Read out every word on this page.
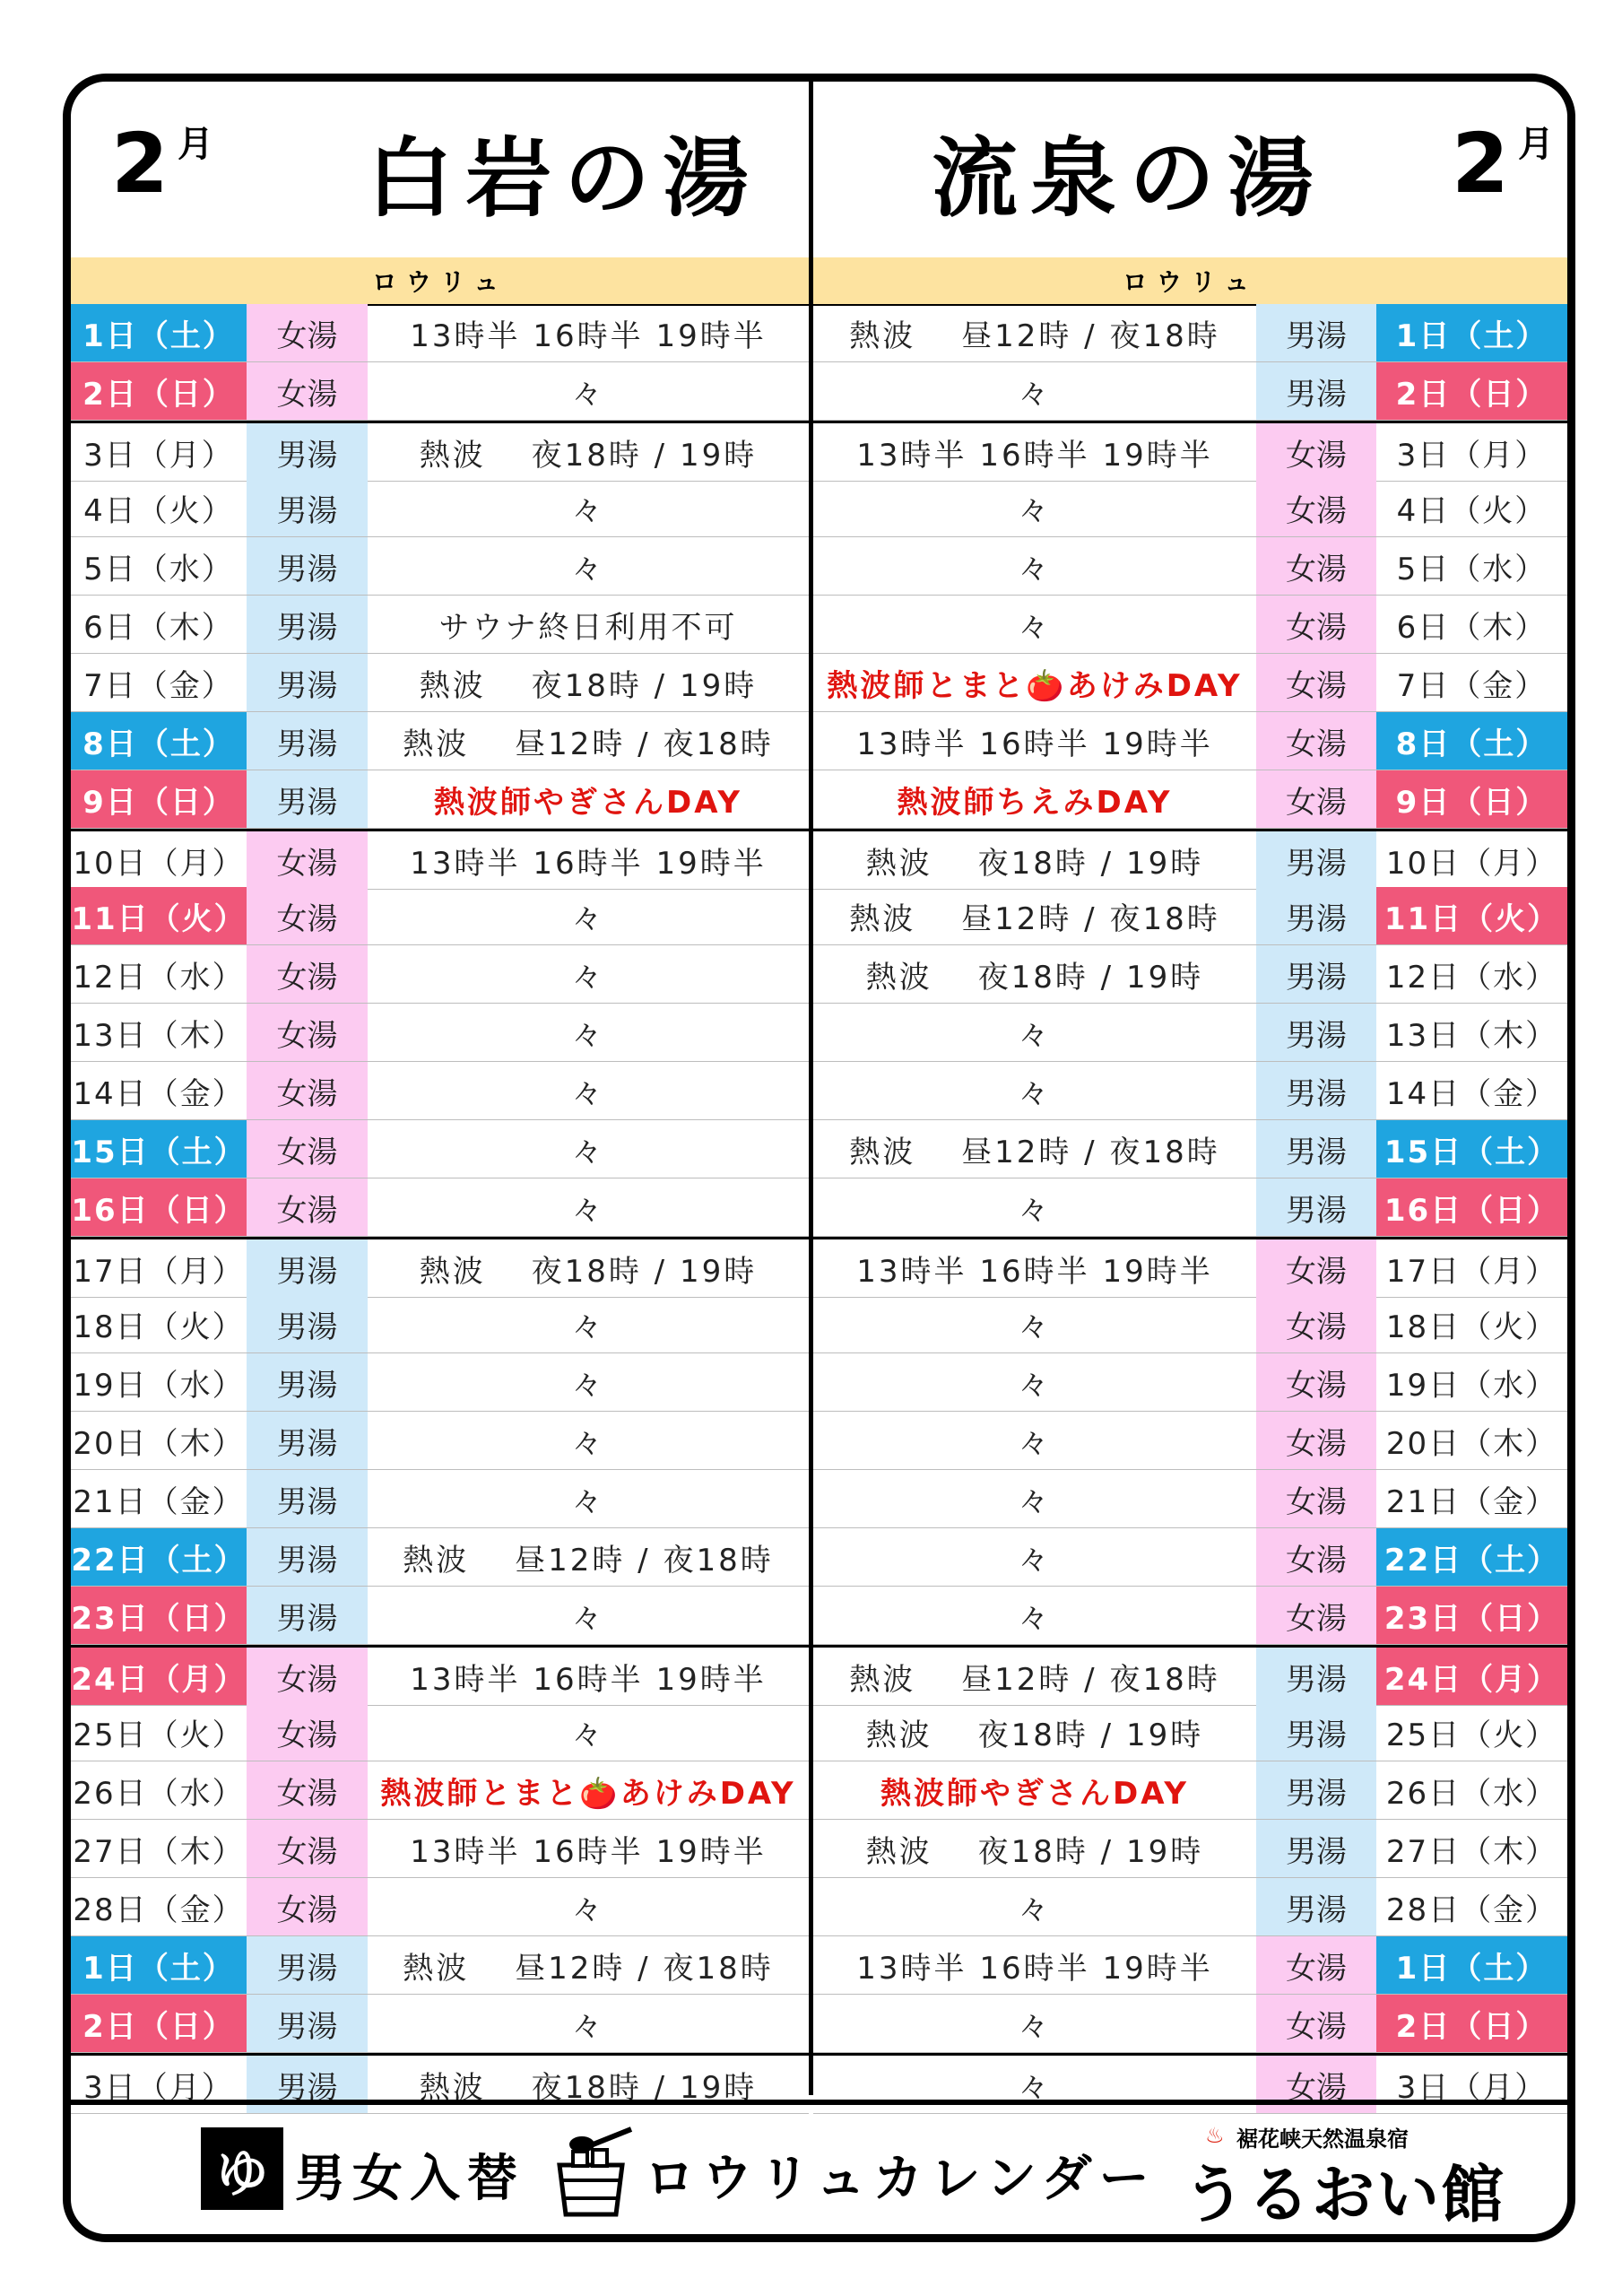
2 月 白岩の湯 流泉の湯 2 月
ロウリュ	ロウリュ
1日（土）	女湯	13時半 16時半 19時半	熱波　 昼12時 / 夜18時	男湯	1日（土）
2日（日）	女湯	々	々	男湯	2日（日）
3日（月）	男湯	熱波　 夜18時 / 19時	13時半 16時半 19時半	女湯	3日（月）
4日（火）	男湯	々	々	女湯	4日（火）
5日（水）	男湯	々	々	女湯	5日（水）
6日（木）	男湯	サウナ終日利用不可	々	女湯	6日（木）
7日（金）	男湯	熱波　 夜18時 / 19時	熱波師とまと🍅あけみDAY	女湯	7日（金）
8日（土）	男湯	熱波　 昼12時 / 夜18時	13時半 16時半 19時半	女湯	8日（土）
9日（日）	男湯	熱波師やぎさんDAY	熱波師ちえみDAY	女湯	9日（日）
10日（月）	女湯	13時半 16時半 19時半	熱波　 夜18時 / 19時	男湯	10日（月）
11日（火） 女湯	々	熱波　 昼12時 / 夜18時	男湯	11日（火）
12日（水）	女湯	々	熱波　 夜18時 / 19時	男湯	12日（水）
13日（木）	女湯	々	々	男湯	13日（木）
14日（金）	女湯	々	々	男湯	14日（金）
15日（土） 女湯	々	熱波　 昼12時 / 夜18時	男湯	15日（土）
16日（日） 女湯	々	々	男湯	16日（日）
17日（月）	男湯	熱波　 夜18時 / 19時	13時半 16時半 19時半	女湯	17日（月）
18日（火）	男湯	々	々	女湯	18日（火）
19日（水）	男湯	々	々	女湯	19日（水）
20日（木）	男湯	々	々	女湯	20日（木）
21日（金）	男湯	々	々	女湯	21日（金）
22日（土） 男湯	熱波　 昼12時 / 夜18時	々	女湯	22日（土）
23日（日） 男湯	々	々	女湯	23日（日）
24日（月） 女湯	13時半 16時半 19時半	熱波　 昼12時 / 夜18時	男湯	24日（月）
25日（火）	女湯	々	熱波　 夜18時 / 19時	男湯	25日（火）
26日（水）	女湯	熱波師とまと🍅あけみDAY	熱波師やぎさんDAY	男湯	26日（水）
27日（木）	女湯	13時半 16時半 19時半	熱波　 夜18時 / 19時	男湯	27日（木）
28日（金）	女湯	々	々	男湯	28日（金）
1日（土）	男湯	熱波　 昼12時 / 夜18時	13時半 16時半 19時半	女湯	1日（土）
2日（日）	男湯	々	々	女湯	2日（日）
3日（月）	男湯	熱波　 夜18時 / 19時	々	女湯	3日（月）
ゆ 男女入替 ロウリュカレンダー
♨ 裾花峡天然温泉宿
うるおい館
